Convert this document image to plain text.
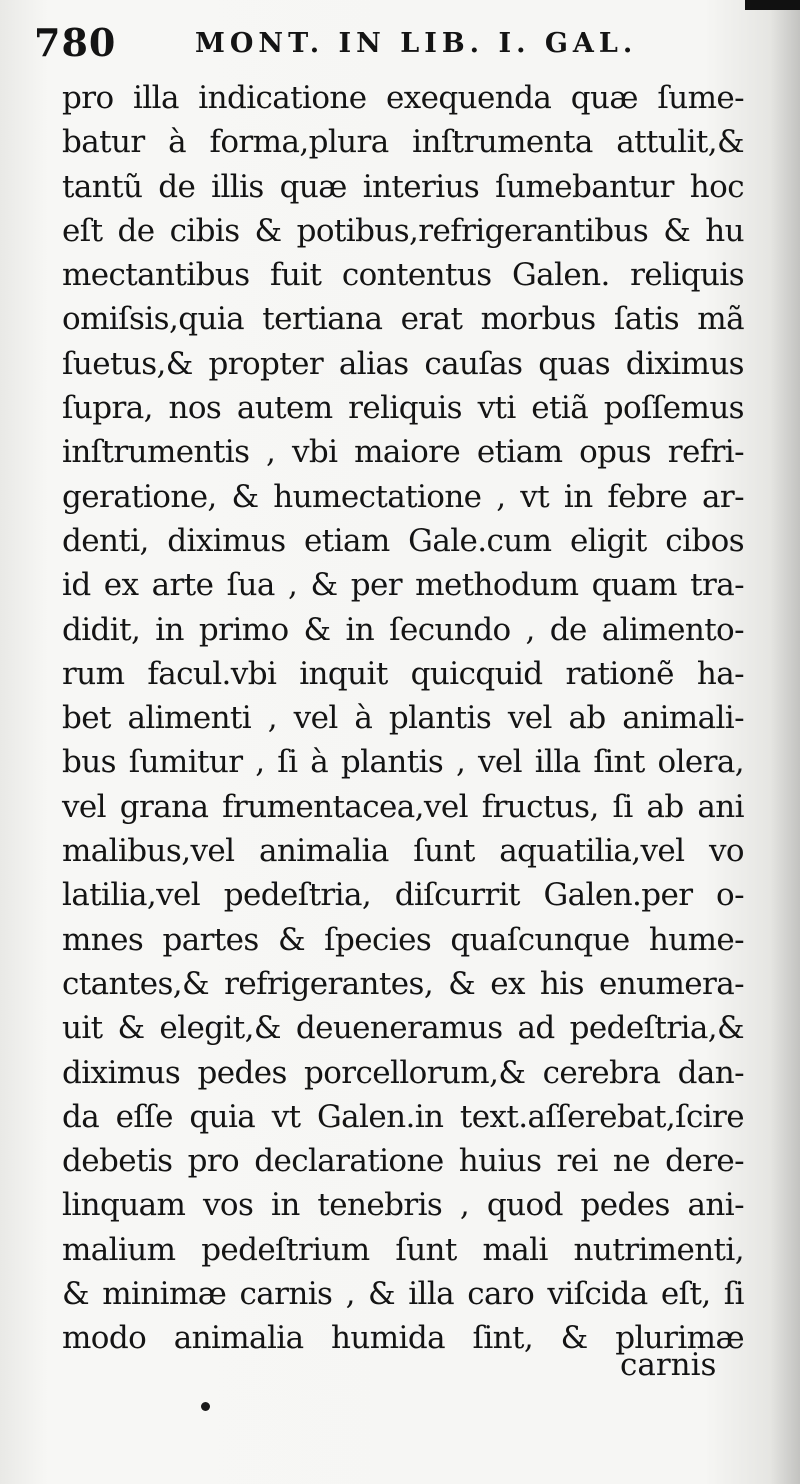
780	MONT. IN LIB. I. GAL.
pro illa indicatione exequenda quæ ſume-
batur à forma,plura inſtrumenta attulit,&
tantũ de illis quæ interius ſumebantur hoc
eſt de cibis & potibus,refrigerantibus & hu
mectantibus fuit contentus Galen. reliquis
omiſsis,quia tertiana erat morbus ſatis mã
ſuetus,& propter alias cauſas quas diximus
ſupra, nos autem reliquis vti etiã poſſemus
inſtrumentis , vbi maiore etiam opus refri-
geratione, & humectatione , vt in febre ar-
denti, diximus etiam Gale.cum eligit cibos
id ex arte ſua , & per methodum quam tra-
didit, in primo & in ſecundo , de alimento-
rum facul.vbi inquit quicquid rationẽ ha-
bet alimenti , vel à plantis vel ab animali-
bus ſumitur , ſi à plantis , vel illa ſint olera,
vel grana frumentacea,vel fructus, ſi ab ani
malibus,vel animalia ſunt aquatilia,vel vo
latilia,vel pedeſtria, diſcurrit Galen.per o-
mnes partes & ſpecies quaſcunque hume-
ctantes,& refrigerantes, & ex his enumera-
uit & elegit,& deueneramus ad pedeſtria,&
diximus pedes porcellorum,& cerebra dan-
da eſſe quia vt Galen.in text.aſſerebat,ſcire
debetis pro declaratione huius rei ne dere-
linquam vos in tenebris , quod pedes ani-
malium pedeſtrium ſunt mali nutrimenti,
& minimæ carnis , & illa caro viſcida eſt, ſi
modo animalia humida ſint, & plurimæ
carnis
